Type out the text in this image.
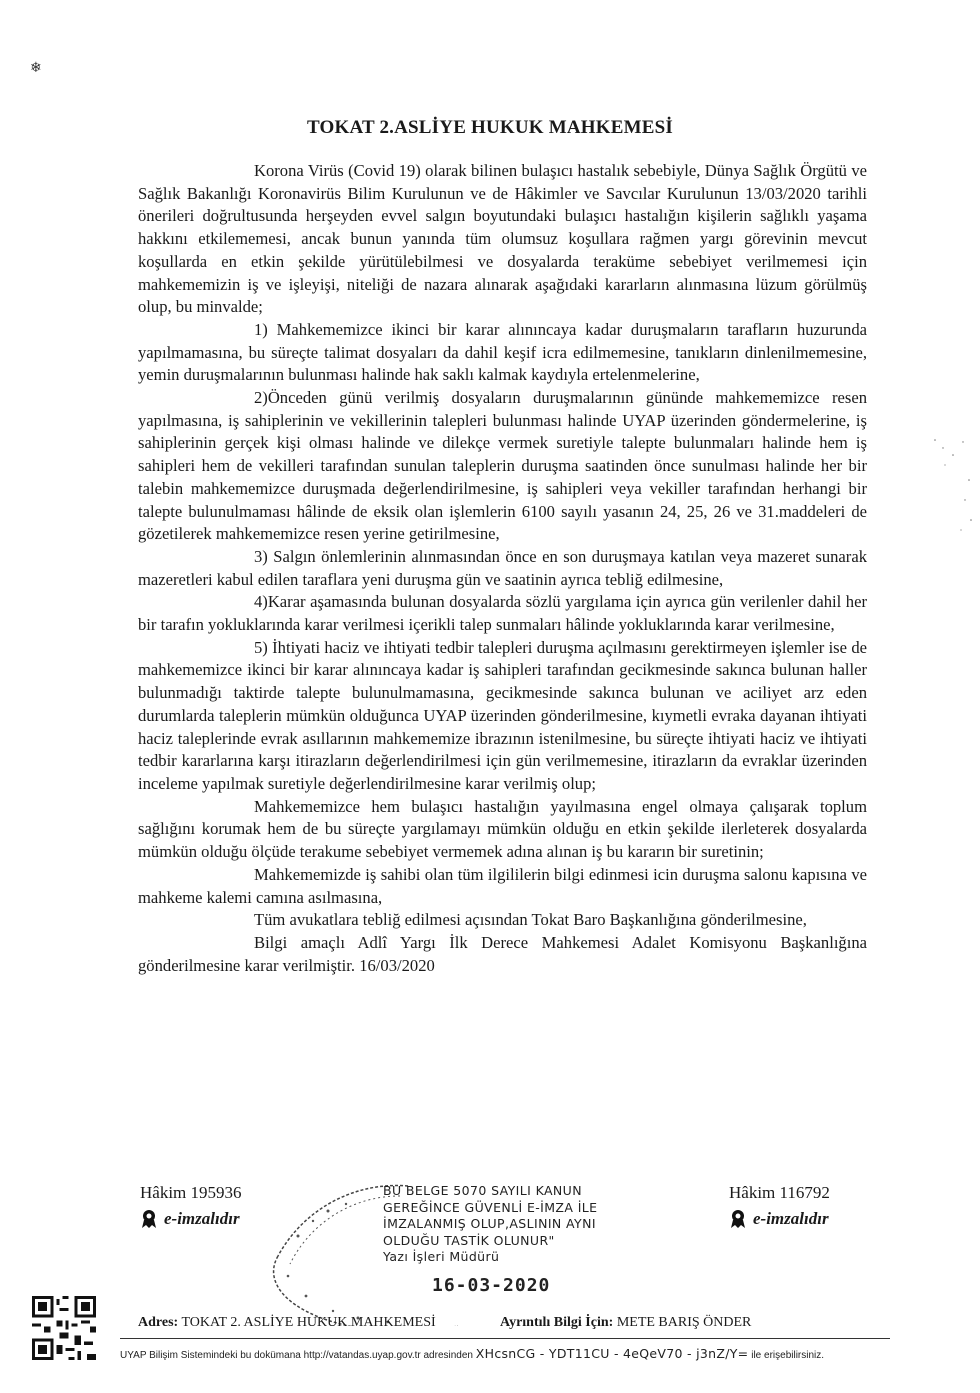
❄
TOKAT 2.ASLİYE HUKUK MAHKEMESİ

Korona Virüs (Covid 19) olarak bilinen bulaşıcı hastalık sebebiyle, Dünya Sağlık Örgütü ve Sağlık Bakanlığı Koronavirüs Bilim Kurulunun ve de Hâkimler ve Savcılar Kurulunun 13/03/2020 tarihli önerileri doğrultusunda herşeyden evvel salgın boyutundaki bulaşıcı hastalığın kişilerin sağlıklı yaşama hakkını etkilememesi, ancak bunun yanında tüm olumsuz koşullara rağmen yargı görevinin mevcut koşullarda en etkin şekilde yürütülebilmesi ve dosyalarda teraküme sebebiyet verilmemesi için mahkememizin iş ve işleyişi, niteliği de nazara alınarak aşağıdaki kararların alınmasına lüzum görülmüş olup, bu minvalde;

1) Mahkememizce ikinci bir karar alınıncaya kadar duruşmaların tarafların huzurunda yapılmamasına, bu süreçte talimat dosyaları da dahil keşif icra edilmemesine, tanıkların dinlenilmemesine, yemin duruşmalarının bulunması halinde hak saklı kalmak kaydıyla ertelenmelerine,

2)Önceden günü verilmiş dosyaların duruşmalarının gününde mahkememizce resen yapılmasına, iş sahiplerinin ve vekillerinin talepleri bulunması halinde UYAP üzerinden göndermelerine, iş sahiplerinin gerçek kişi olması halinde ve dilekçe vermek suretiyle talepte bulunmaları halinde hem iş sahipleri hem de vekilleri tarafından sunulan taleplerin duruşma saatinden önce sunulması halinde her bir talebin mahkememizce duruşmada değerlendirilmesine, iş sahipleri veya vekiller tarafından herhangi bir talepte bulunulmaması hâlinde de eksik olan işlemlerin 6100 sayılı yasanın 24, 25, 26 ve 31.maddeleri de gözetilerek mahkememizce resen yerine getirilmesine,

3) Salgın önlemlerinin alınmasından önce en son duruşmaya katılan veya mazeret sunarak mazeretleri kabul edilen taraflara yeni duruşma gün ve saatinin ayrıca tebliğ edilmesine,

4)Karar aşamasında bulunan dosyalarda sözlü yargılama için ayrıca gün verilenler dahil her bir tarafın yokluklarında karar verilmesi içerikli talep sunmaları hâlinde yokluklarında karar verilmesine,

5) İhtiyati haciz ve ihtiyati tedbir talepleri duruşma açılmasını gerektirmeyen işlemler ise de mahkememizce ikinci bir karar alınıncaya kadar iş sahipleri tarafından gecikmesinde sakınca bulunan haller bulunmadığı taktirde talepte bulunulmamasına, gecikmesinde sakınca bulunan ve aciliyet arz eden durumlarda taleplerin mümkün olduğunca UYAP üzerinden gönderilmesine, kıymetli evraka dayanan ihtiyati haciz taleplerinde evrak asıllarının mahkememize ibrazının istenilmesine, bu süreçte ihtiyati haciz ve ihtiyati tedbir kararlarına karşı itirazların değerlendirilmesi için gün verilmemesine, itirazların da evraklar üzerinden inceleme yapılmak suretiyle değerlendirilmesine karar verilmiş olup;

Mahkememizce hem bulaşıcı hastalığın yayılmasına engel olmaya çalışarak toplum sağlığını korumak hem de bu süreçte yargılamayı mümkün olduğu en etkin şekilde ilerleterek dosyalarda mümkün olduğu ölçüde terakume sebebiyet vermemek adına alınan iş bu kararın bir suretinin;

Mahkememizde iş sahibi olan tüm ilgililerin bilgi edinmesi icin duruşma salonu kapısına ve mahkeme kalemi camına asılmasına,

Tüm avukatlara tebliğ edilmesi açısından Tokat Baro Başkanlığına gönderilmesine,

Bilgi amaçlı Adlî Yargı İlk Derece Mahkemesi Adalet Komisyonu Başkanlığına gönderilmesine karar verilmiştir. 16/03/2020

Hâkim 195936
e-imzalıdır
Hâkim 116792
e-imzalıdır
BU BELGE 5070 SAYILI KANUN
GEREĞİNCE GÜVENLİ E-İMZA İLE
İMZALANMIŞ OLUP,ASLININ AYNI
OLDUĞU TASTİK OLUNUR"
Yazı İşleri Müdürü
16-03-2020
Adres: TOKAT 2. ASLİYE HUKUK MAHKEMESİ	Ayrıntılı Bilgi İçin: METE BARIŞ ÖNDER
UYAP Bilişim Sistemindeki bu dokümana http://vatandas.uyap.gov.tr adresinden XHcsnCG - YDT11CU - 4eQeV70 - j3nZ/Y= ile erişebilirsiniz.
